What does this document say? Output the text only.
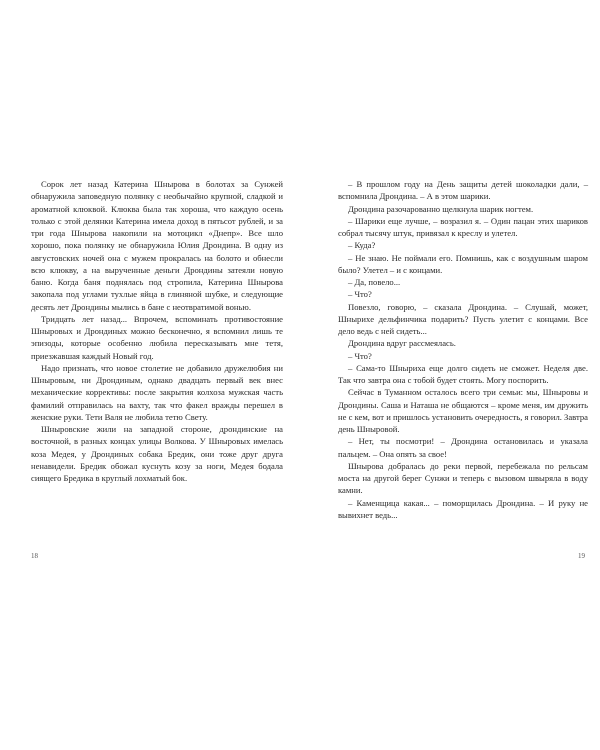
Сорок лет назад Катерина Шнырова в болотах за Сунжей обнаружила заповедную полянку с необычайно крупной, сладкой и ароматной клюквой. Клюква была так хороша, что каждую осень только с этой делянки Катерина имела доход в пятьсот рублей, и за три года Шнырова накопили на мотоцикл «Днепр». Все шло хорошо, пока полянку не обнаружила Юлия Дрондина. В одну из августовских ночей она с мужем прокралась на болото и обнесли всю клюкву, а на вырученные деньги Дрондины затеяли новую баню. Когда баня поднялась под стропила, Катерина Шнырова закопала под углами тухлые яйца в глиняной шубке, и следующие десять лет Дрондины мылись в бане с неотвратимой вонью.

Тридцать лет назад... Впрочем, вспоминать противостояние Шныровых и Дрондиных можно бесконечно, я вспомнил лишь те эпизоды, которые особенно любила пересказывать мне тетя, приезжавшая каждый Новый год.

Надо признать, что новое столетие не добавило дружелюбия ни Шныровым, ни Дрондиным, однако двадцать первый век внес механические коррективы: после закрытия колхоза мужская часть фамилий отправилась на вахту, так что факел вражды перешел в женские руки. Тети Валя не любила тетю Свету.

Шныровские жили на западной стороне, дрондинские на восточной, в разных концах улицы Волкова. У Шныровых имелась коза Медея, у Дрондиных собака Бредик, они тоже друг друга ненавидели. Бредик обожал куснуть козу за ноги, Медея бодала сиящего Бредика в круглый лохматый бок.

18

– В прошлом году на День защиты детей шоколадки дали, – вспомнила Дрондина. – А в этом шарики.

Дрондина разочарованно щелкнула шарик ногтем.

– Шарики еще лучше, – возразил я. – Один пацан этих шариков собрал тысячу штук, привязал к креслу и улетел.

– Куда?

– Не знаю. Не поймали его. Помнишь, как с воздушным шаром было? Улетел – и с концами.

– Да, повело...

– Что?

Повезло, говорю, – сказала Дрондина. – Слушай, может, Шныриxе дельфинчика подарить? Пусть улетит с концами. Все дело ведь с ней сидеть...

Дрондина вдруг рассмеялась.

– Что?

– Сама-то Шныриха еще долго сидеть не сможет. Неделя две. Так что завтра она с тобой будет стоять. Могу поспорить.

Сейчас в Туманном осталось всего три семьи: мы, Шныровы и Дрондины. Саша и Наташа не общаются – кроме меня, им дружить не с кем, вот и пришлось установить очередность, я говорил. Завтра день Шныровой.

– Нет, ты посмотри! – Дрондина остановилась и указала пальцем. – Она опять за свое!

Шнырова добралась до реки первой, перебежала по рельсам моста на другой берег Сунжи и теперь с вызовом швыряла в воду камни.

– Каменщица какая... – поморщилась Дрондина. – И руку не вывихнет ведь...

19
